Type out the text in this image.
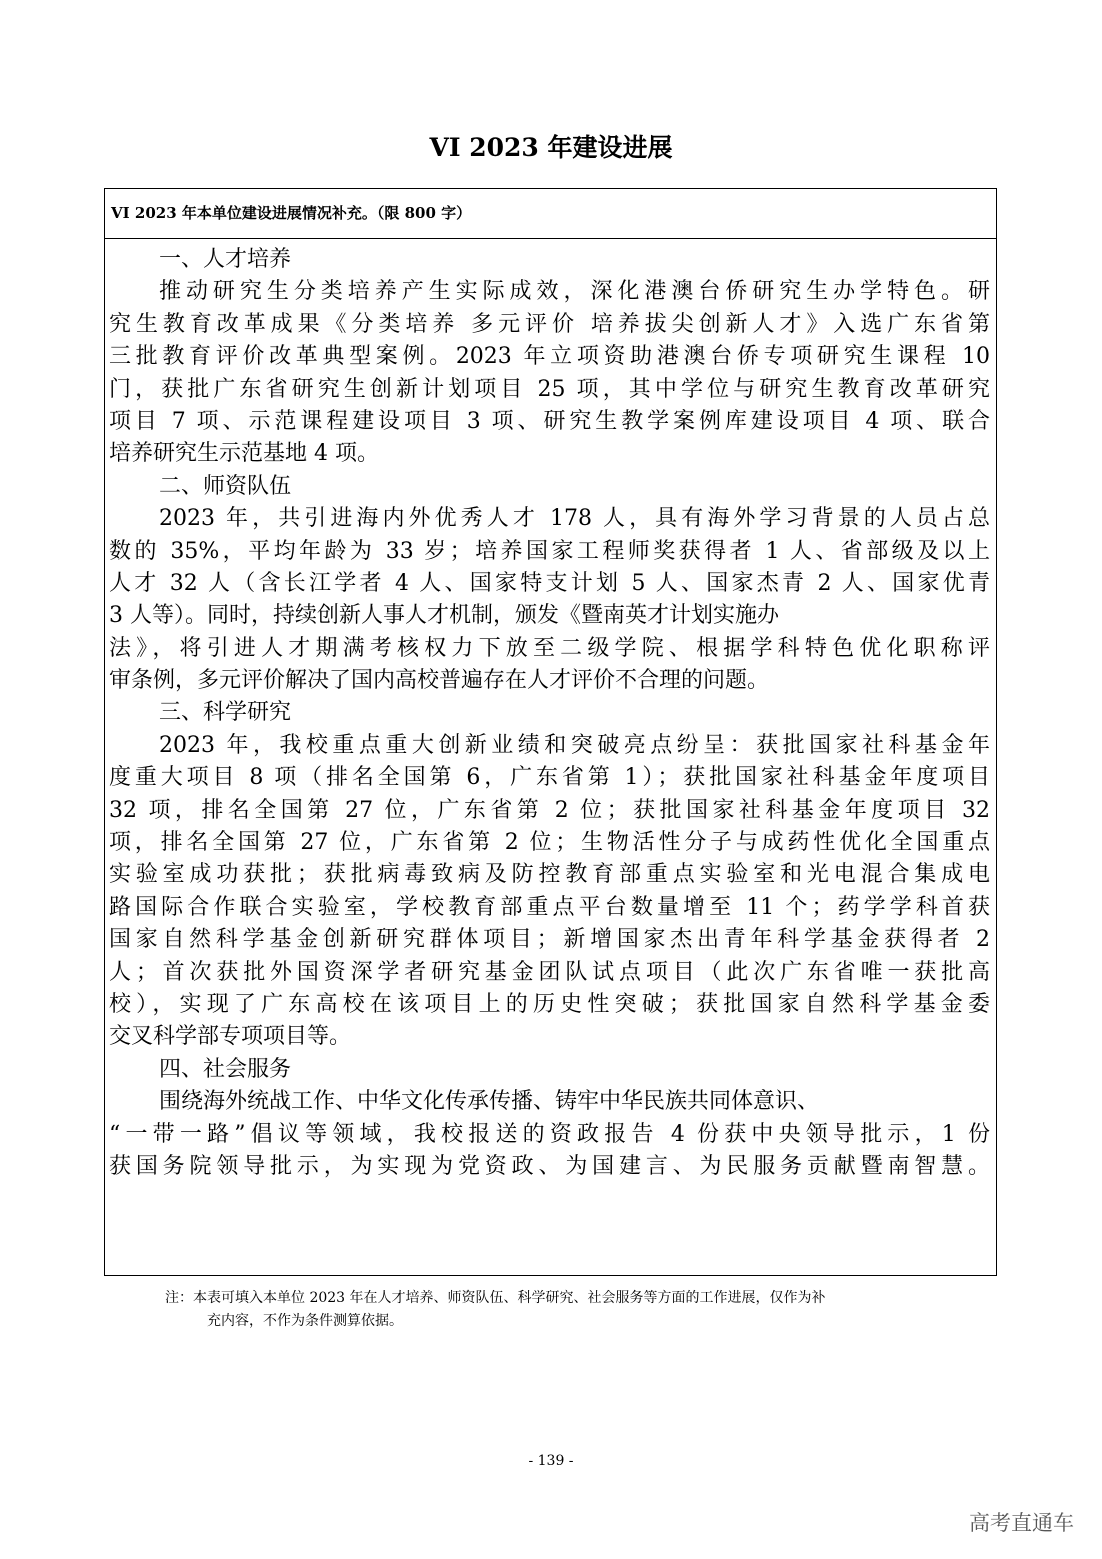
VI 2023 年建设进展
VI 2023 年本单位建设进展情况补充。（限 800 字）
一、人才培养
推动研究生分类培养产生实际成效，深化港澳台侨研究生办学特色。研
究生教育改革成果《分类培养 多元评价 培养拔尖创新人才》入选广东省第
三批教育评价改革典型案例。2023 年立项资助港澳台侨专项研究生课程 10
门，获批广东省研究生创新计划项目 25 项，其中学位与研究生教育改革研究
项目 7 项、示范课程建设项目 3 项、研究生教学案例库建设项目 4 项、联合
培养研究生示范基地 4 项。
二、师资队伍
2023 年，共引进海内外优秀人才 178 人，具有海外学习背景的人员占总
数的 35%，平均年龄为 33 岁；培养国家工程师奖获得者 1 人、省部级及以上
人才 32 人（含长江学者 4 人、国家特支计划 5 人、国家杰青 2 人、国家优青
3 人等）。同时，持续创新人事人才机制，颁发《暨南英才计划实施办
法》，将引进人才期满考核权力下放至二级学院、根据学科特色优化职称评
审条例，多元评价解决了国内高校普遍存在人才评价不合理的问题。
三、科学研究
2023 年，我校重点重大创新业绩和突破亮点纷呈：获批国家社科基金年
度重大项目 8 项（排名全国第 6，广东省第 1）；获批国家社科基金年度项目
32 项，排名全国第 27 位，广东省第 2 位；获批国家社科基金年度项目 32
项，排名全国第 27 位，广东省第 2 位；生物活性分子与成药性优化全国重点
实验室成功获批；获批病毒致病及防控教育部重点实验室和光电混合集成电
路国际合作联合实验室，学校教育部重点平台数量增至 11 个；药学学科首获
国家自然科学基金创新研究群体项目；新增国家杰出青年科学基金获得者 2
人；首次获批外国资深学者研究基金团队试点项目（此次广东省唯一获批高
校），实现了广东高校在该项目上的历史性突破；获批国家自然科学基金委
交叉科学部专项项目等。
四、社会服务
围绕海外统战工作、中华文化传承传播、铸牢中华民族共同体意识、
“一带一路”倡议等领域，我校报送的资政报告 4 份获中央领导批示，1 份
获国务院领导批示，为实现为党资政、为国建言、为民服务贡献暨南智慧。
注：本表可填入本单位 2023 年在人才培养、师资队伍、科学研究、社会服务等方面的工作进展，仅作为补
充内容，不作为条件测算依据。
- 139 -
高考直通车
